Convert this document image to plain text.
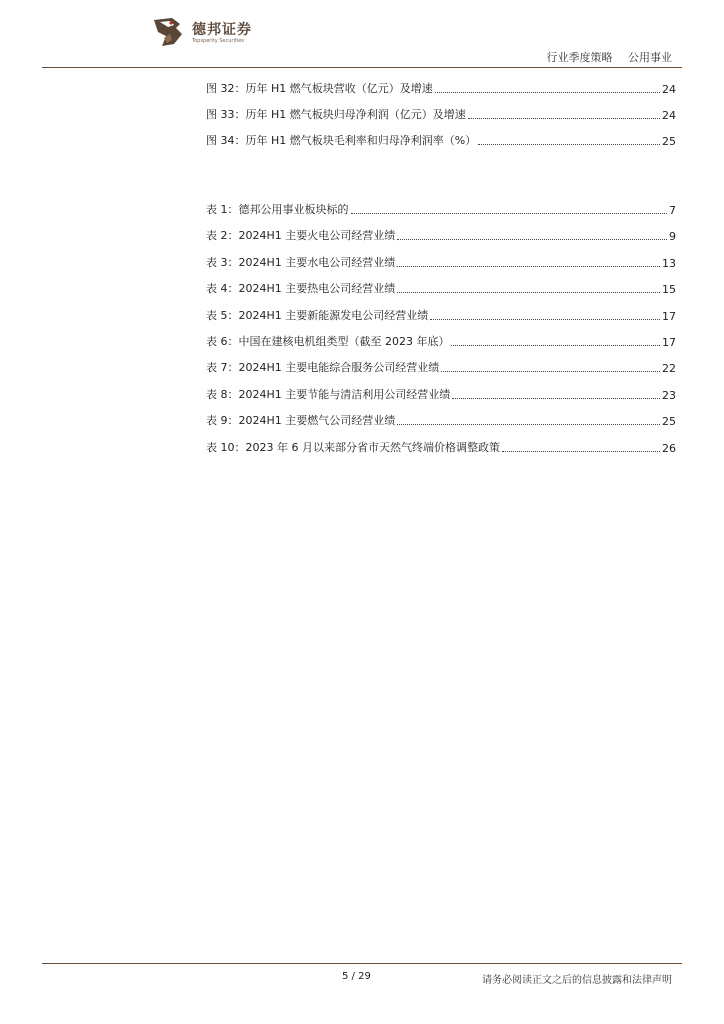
德邦证券
Topsperity Securities
行业季度策略 公用事业
图 32：历年 H1 燃气板块营收（亿元）及增速	24
图 33：历年 H1 燃气板块归母净利润（亿元）及增速	24
图 34：历年 H1 燃气板块毛利率和归母净利润率（%）	25
表 1：德邦公用事业板块标的	7
表 2：2024H1 主要火电公司经营业绩	9
表 3：2024H1 主要水电公司经营业绩	13
表 4：2024H1 主要热电公司经营业绩	15
表 5：2024H1 主要新能源发电公司经营业绩	17
表 6：中国在建核电机组类型（截至 2023 年底）	17
表 7：2024H1 主要电能综合服务公司经营业绩	22
表 8：2024H1 主要节能与清洁利用公司经营业绩	23
表 9：2024H1 主要燃气公司经营业绩	25
表 10：2023 年 6 月以来部分省市天然气终端价格调整政策	26
5 / 29	请务必阅读正文之后的信息披露和法律声明
